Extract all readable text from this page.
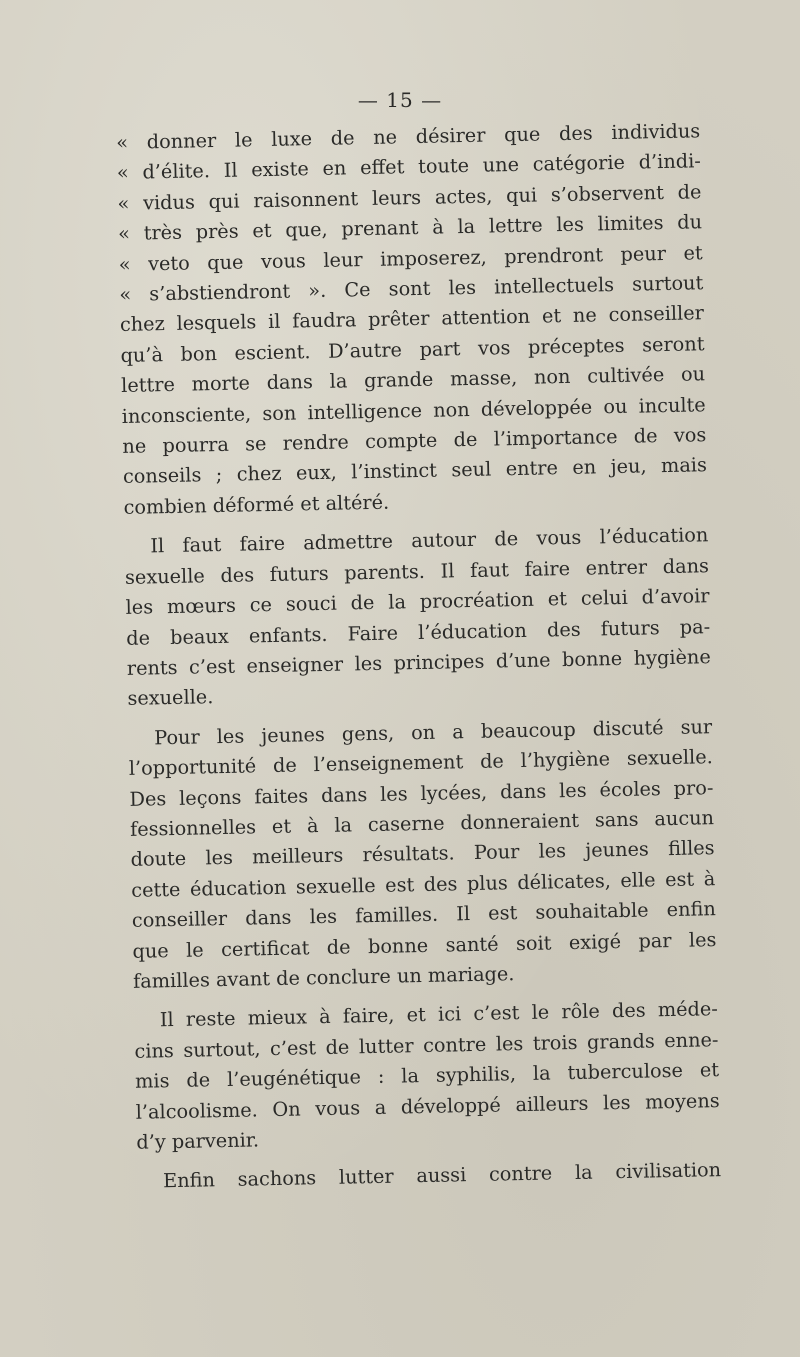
— 15 —

« donner le luxe de ne désirer que des individus
« d’élite. Il existe en effet toute une catégorie d’indi-
« vidus qui raisonnent leurs actes, qui s’observent de
« très près et que, prenant à la lettre les limites du
« veto que vous leur imposerez, prendront peur et
« s’abstiendront ». Ce sont les intellectuels surtout
chez lesquels il faudra prêter attention et ne conseiller
qu’à bon escient. D’autre part vos préceptes seront
lettre morte dans la grande masse, non cultivée ou
inconsciente, son intelligence non développée ou inculte
ne pourra se rendre compte de l’importance de vos
conseils ; chez eux, l’instinct seul entre en jeu, mais
combien déformé et altéré.

Il faut faire admettre autour de vous l’éducation
sexuelle des futurs parents. Il faut faire entrer dans
les mœurs ce souci de la procréation et celui d’avoir
de beaux enfants. Faire l’éducation des futurs pa-
rents c’est enseigner les principes d’une bonne hygiène
sexuelle.

Pour les jeunes gens, on a beaucoup discuté sur
l’opportunité de l’enseignement de l’hygiène sexuelle.
Des leçons faites dans les lycées, dans les écoles pro-
fessionnelles et à la caserne donneraient sans aucun
doute les meilleurs résultats. Pour les jeunes filles
cette éducation sexuelle est des plus délicates, elle est à
conseiller dans les familles. Il est souhaitable enfin
que le certificat de bonne santé soit exigé par les
familles avant de conclure un mariage.

Il reste mieux à faire, et ici c’est le rôle des méde-
cins surtout, c’est de lutter contre les trois grands enne-
mis de l’eugénétique : la syphilis, la tuberculose et
l’alcoolisme. On vous a développé ailleurs les moyens
d’y parvenir.

Enfin sachons lutter aussi contre la civilisation
